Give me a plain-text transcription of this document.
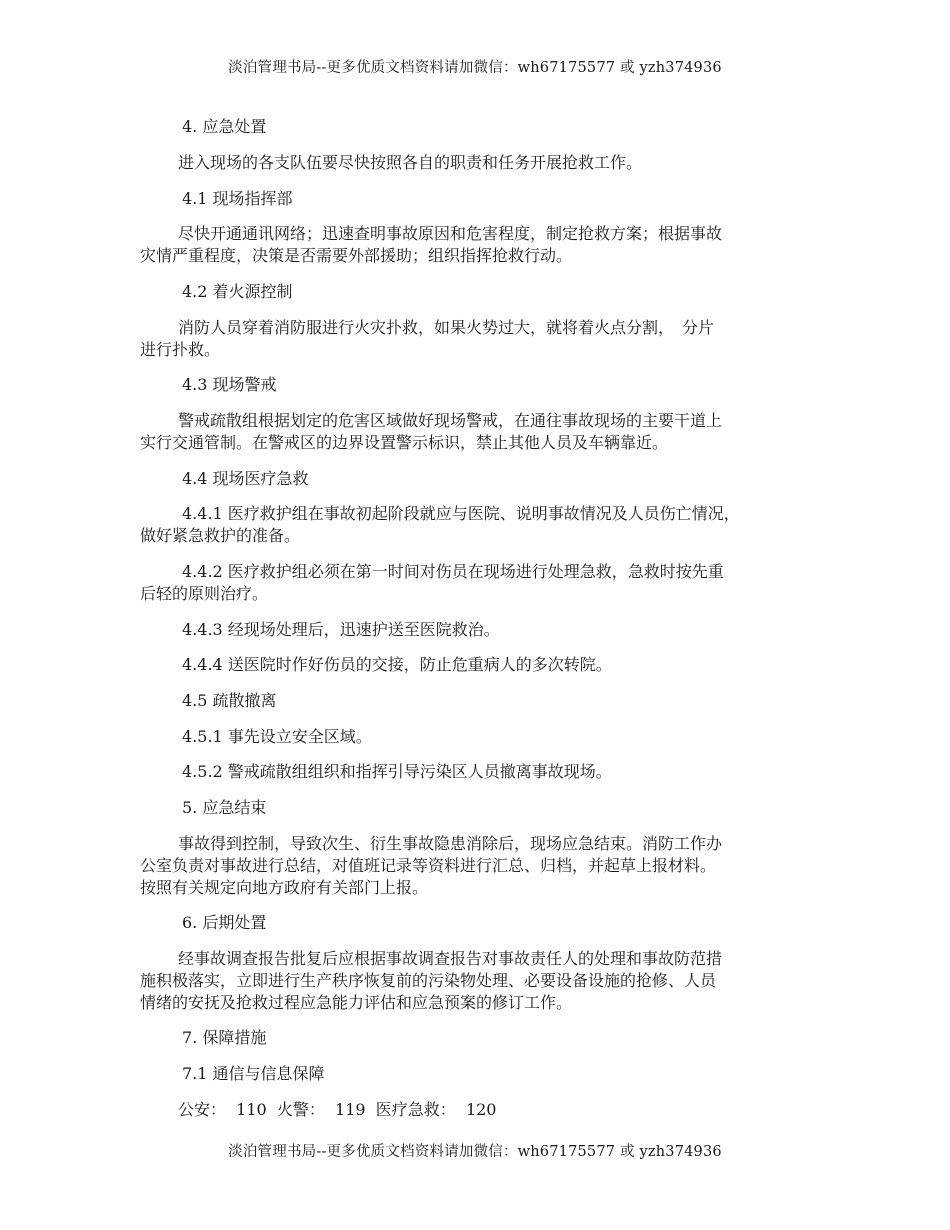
淡泊管理书局--更多优质文档资料请加微信：wh67175577 或 yzh374936
4. 应急处置
进入现场的各支队伍要尽快按照各自的职责和任务开展抢救工作。
4.1 现场指挥部
尽快开通通讯网络；迅速查明事故原因和危害程度，制定抢救方案；根据事故
灾情严重程度，决策是否需要外部援助；组织指挥抢救行动。
4.2 着火源控制
消防人员穿着消防服进行火灾扑救，如果火势过大，就将着火点分割，　分片
进行扑救。
4.3 现场警戒
警戒疏散组根据划定的危害区域做好现场警戒，在通往事故现场的主要干道上
实行交通管制。在警戒区的边界设置警示标识，禁止其他人员及车辆靠近。
4.4 现场医疗急救
4.4.1 医疗救护组在事故初起阶段就应与医院、说明事故情况及人员伤亡情况，
做好紧急救护的准备。
4.4.2 医疗救护组必须在第一时间对伤员在现场进行处理急救，急救时按先重
后轻的原则治疗。
4.4.3 经现场处理后，迅速护送至医院救治。
4.4.4 送医院时作好伤员的交接，防止危重病人的多次转院。
4.5 疏散撤离
4.5.1 事先设立安全区域。
4.5.2 警戒疏散组组织和指挥引导污染区人员撤离事故现场。
5. 应急结束
事故得到控制，导致次生、衍生事故隐患消除后，现场应急结束。消防工作办
公室负责对事故进行总结，对值班记录等资料进行汇总、归档，并起草上报材料。
按照有关规定向地方政府有关部门上报。
6. 后期处置
经事故调查报告批复后应根据事故调查报告对事故责任人的处理和事故防范措
施积极落实，立即进行生产秩序恢复前的污染物处理、必要设备设施的抢修、人员
情绪的安抚及抢救过程应急能力评估和应急预案的修订工作。
7. 保障措施
7.1 通信与信息保障
公安：  110  火警：  119  医疗急救：  120
淡泊管理书局--更多优质文档资料请加微信：wh67175577 或 yzh374936
